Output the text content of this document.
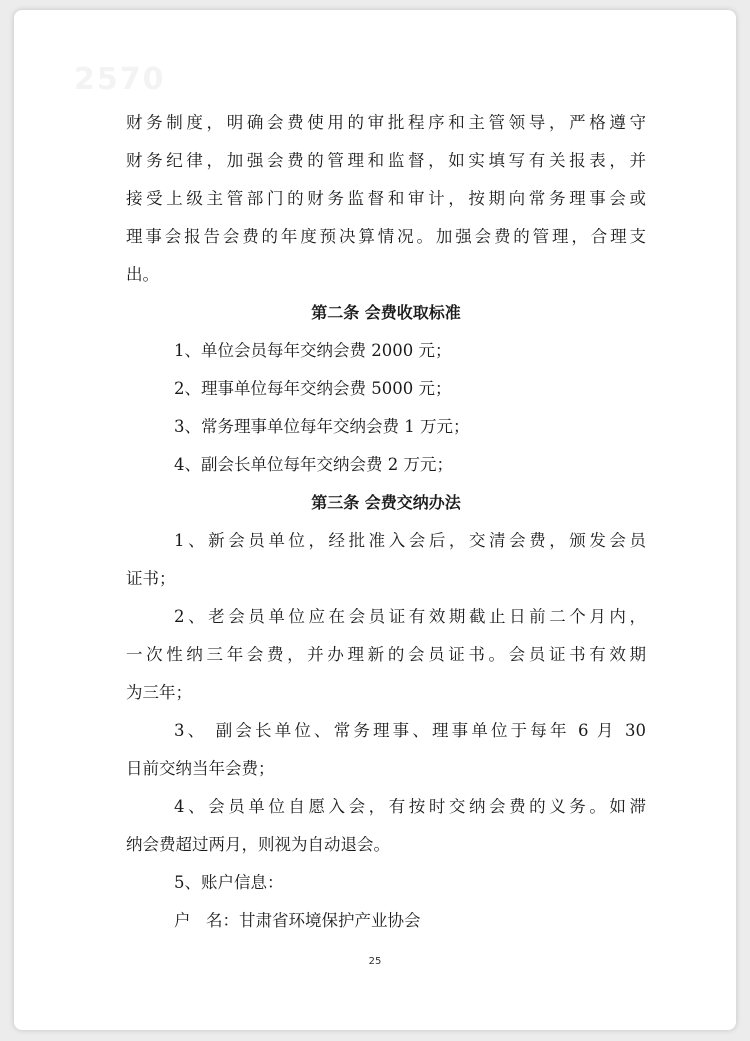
2570

财务制度，明确会费使用的审批程序和主管领导，严格遵守
财务纪律，加强会费的管理和监督，如实填写有关报表，并
接受上级主管部门的财务监督和审计，按期向常务理事会或
理事会报告会费的年度预决算情况。加强会费的管理，合理支
出。

第二条 会费收取标准

1、单位会员每年交纳会费 2000 元；

2、理事单位每年交纳会费 5000 元；

3、常务理事单位每年交纳会费 1 万元；

4、副会长单位每年交纳会费 2 万元；

第三条 会费交纳办法

1、新会员单位，经批准入会后，交清会费，颁发会员
证书；

2、老会员单位应在会员证有效期截止日前二个月内，
一次性纳三年会费，并办理新的会员证书。会员证书有效期
为三年；

3、 副会长单位、常务理事、理事单位于每年 6 月 30
日前交纳当年会费；

4、会员单位自愿入会，有按时交纳会费的义务。如滞
纳会费超过两月，则视为自动退会。

5、账户信息：

户 名：甘肃省环境保护产业协会

25
